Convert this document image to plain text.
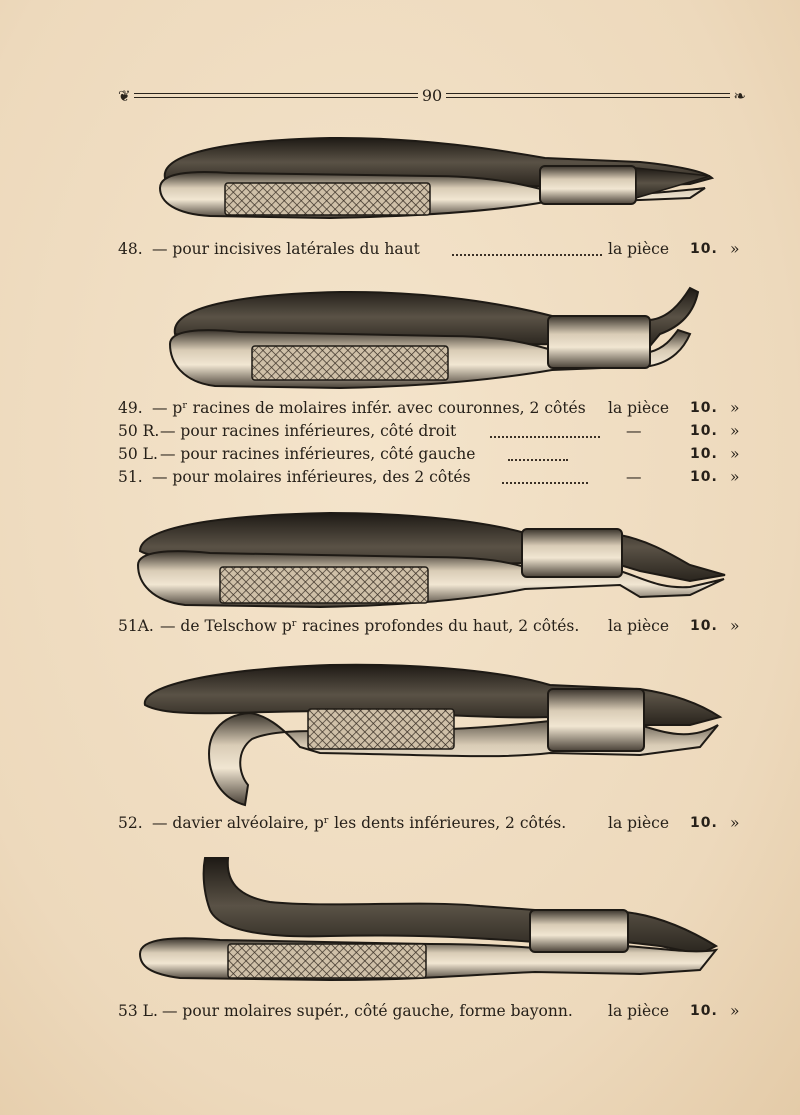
❦	90	❧
48. — pour incisives latérales du haut	la pièce 10. »
49. — pʳ racines de molaires infér. avec couronnes, 2 côtés la pièce 10. »
50 R. — pour racines inférieures, côté droit	—	10. »
50 L. — pour racines inférieures, côté gauche	10. »
51. — pour molaires inférieures, des 2 côtés	—	10. »
51A. — de Telschow pʳ racines profondes du haut, 2 côtés. la pièce 10. »
52. — davier alvéolaire, pʳ les dents inférieures, 2 côtés.	la pièce 10. »
53 L. — pour molaires supér., côté gauche, forme bayonn. la pièce 10. »
